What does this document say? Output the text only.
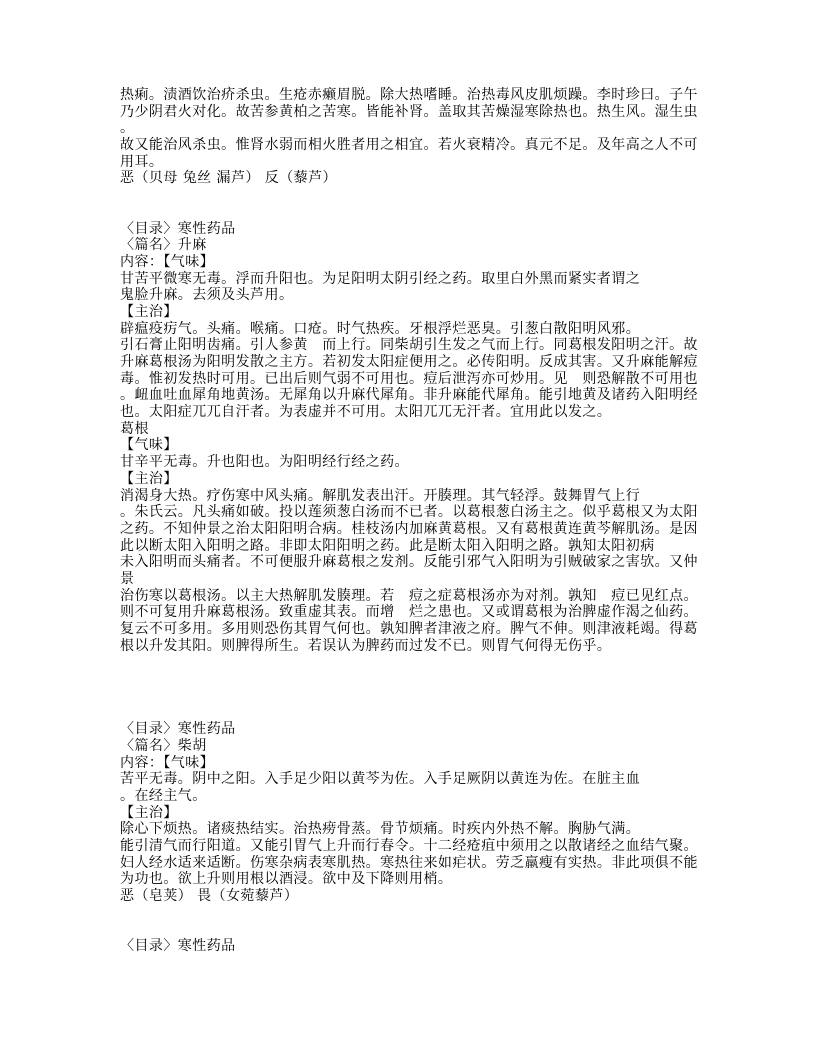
热痢。渍酒饮治疥杀虫。生疮赤癞眉脱。除大热嗜睡。治热毒风皮肌烦躁。李时珍曰。子午
乃少阴君火对化。故苦参黄柏之苦寒。皆能补肾。盖取其苦燥湿寒除热也。热生风。湿生虫
。
故又能治风杀虫。惟肾水弱而相火胜者用之相宜。若火衰精冷。真元不足。及年高之人不可
用耳。
恶（贝母 兔丝 漏芦） 反（藜芦）
〈目录〉寒性药品
〈篇名〉升麻
内容：【气味】
甘苦平微寒无毒。浮而升阳也。为足阳明太阴引经之药。取里白外黑而紧实者谓之
鬼脸升麻。去须及头芦用。
【主治】
辟瘟疫疠气。头痛。喉痛。口疮。时气热疾。牙根浮烂恶臭。引葱白散阳明风邪。
引石膏止阳明齿痛。引人参黄　而上行。同柴胡引生发之气而上行。同葛根发阳明之汗。故
升麻葛根汤为阳明发散之主方。若初发太阳症便用之。必传阳明。反成其害。又升麻能解痘
毒。惟初发热时可用。已出后则气弱不可用也。痘后泄泻亦可炒用。见　则恐解散不可用也
。衄血吐血犀角地黄汤。无犀角以升麻代犀角。非升麻能代犀角。能引地黄及诸药入阳明经
也。太阳症兀兀自汗者。为表虚并不可用。太阳兀兀无汗者。宜用此以发之。
葛根
【气味】
甘辛平无毒。升也阳也。为阳明经行经之药。
【主治】
消渴身大热。疗伤寒中风头痛。解肌发表出汗。开腠理。其气轻浮。鼓舞胃气上行
。朱氏云。凡头痛如破。投以莲须葱白汤而不已者。以葛根葱白汤主之。似乎葛根又为太阳
之药。不知仲景之治太阳阳明合病。桂枝汤内加麻黄葛根。又有葛根黄连黄芩解肌汤。是因
此以断太阳入阳明之路。非即太阳阳明之药。此是断太阳入阳明之路。孰知太阳初病
未入阳明而头痛者。不可便服升麻葛根之发剂。反能引邪气入阳明为引贼破家之害欤。又仲
景
治伤寒以葛根汤。以主大热解肌发腠理。若　痘之症葛根汤亦为对剂。孰知　痘已见红点。
则不可复用升麻葛根汤。致重虚其表。而增　烂之患也。又或谓葛根为治脾虚作渴之仙药。
复云不可多用。多用则恐伤其胃气何也。孰知脾者津液之府。脾气不伸。则津液耗竭。得葛
根以升发其阳。则脾得所生。若误认为脾药而过发不已。则胃气何得无伤乎。
〈目录〉寒性药品
〈篇名〉柴胡
内容：【气味】
苦平无毒。阴中之阳。入手足少阳以黄芩为佐。入手足厥阴以黄连为佐。在脏主血
。在经主气。
【主治】
除心下烦热。诸痰热结实。治热痨骨蒸。骨节烦痛。时疾内外热不解。胸胁气满。
能引清气而行阳道。又能引胃气上升而行春令。十二经疮疽中须用之以散诸经之血结气聚。
妇人经水适来适断。伤寒杂病表寒肌热。寒热往来如疟状。劳乏羸瘦有实热。非此项俱不能
为功也。欲上升则用根以酒浸。欲中及下降则用梢。
恶（皂荚） 畏（女菀藜芦）
〈目录〉寒性药品
